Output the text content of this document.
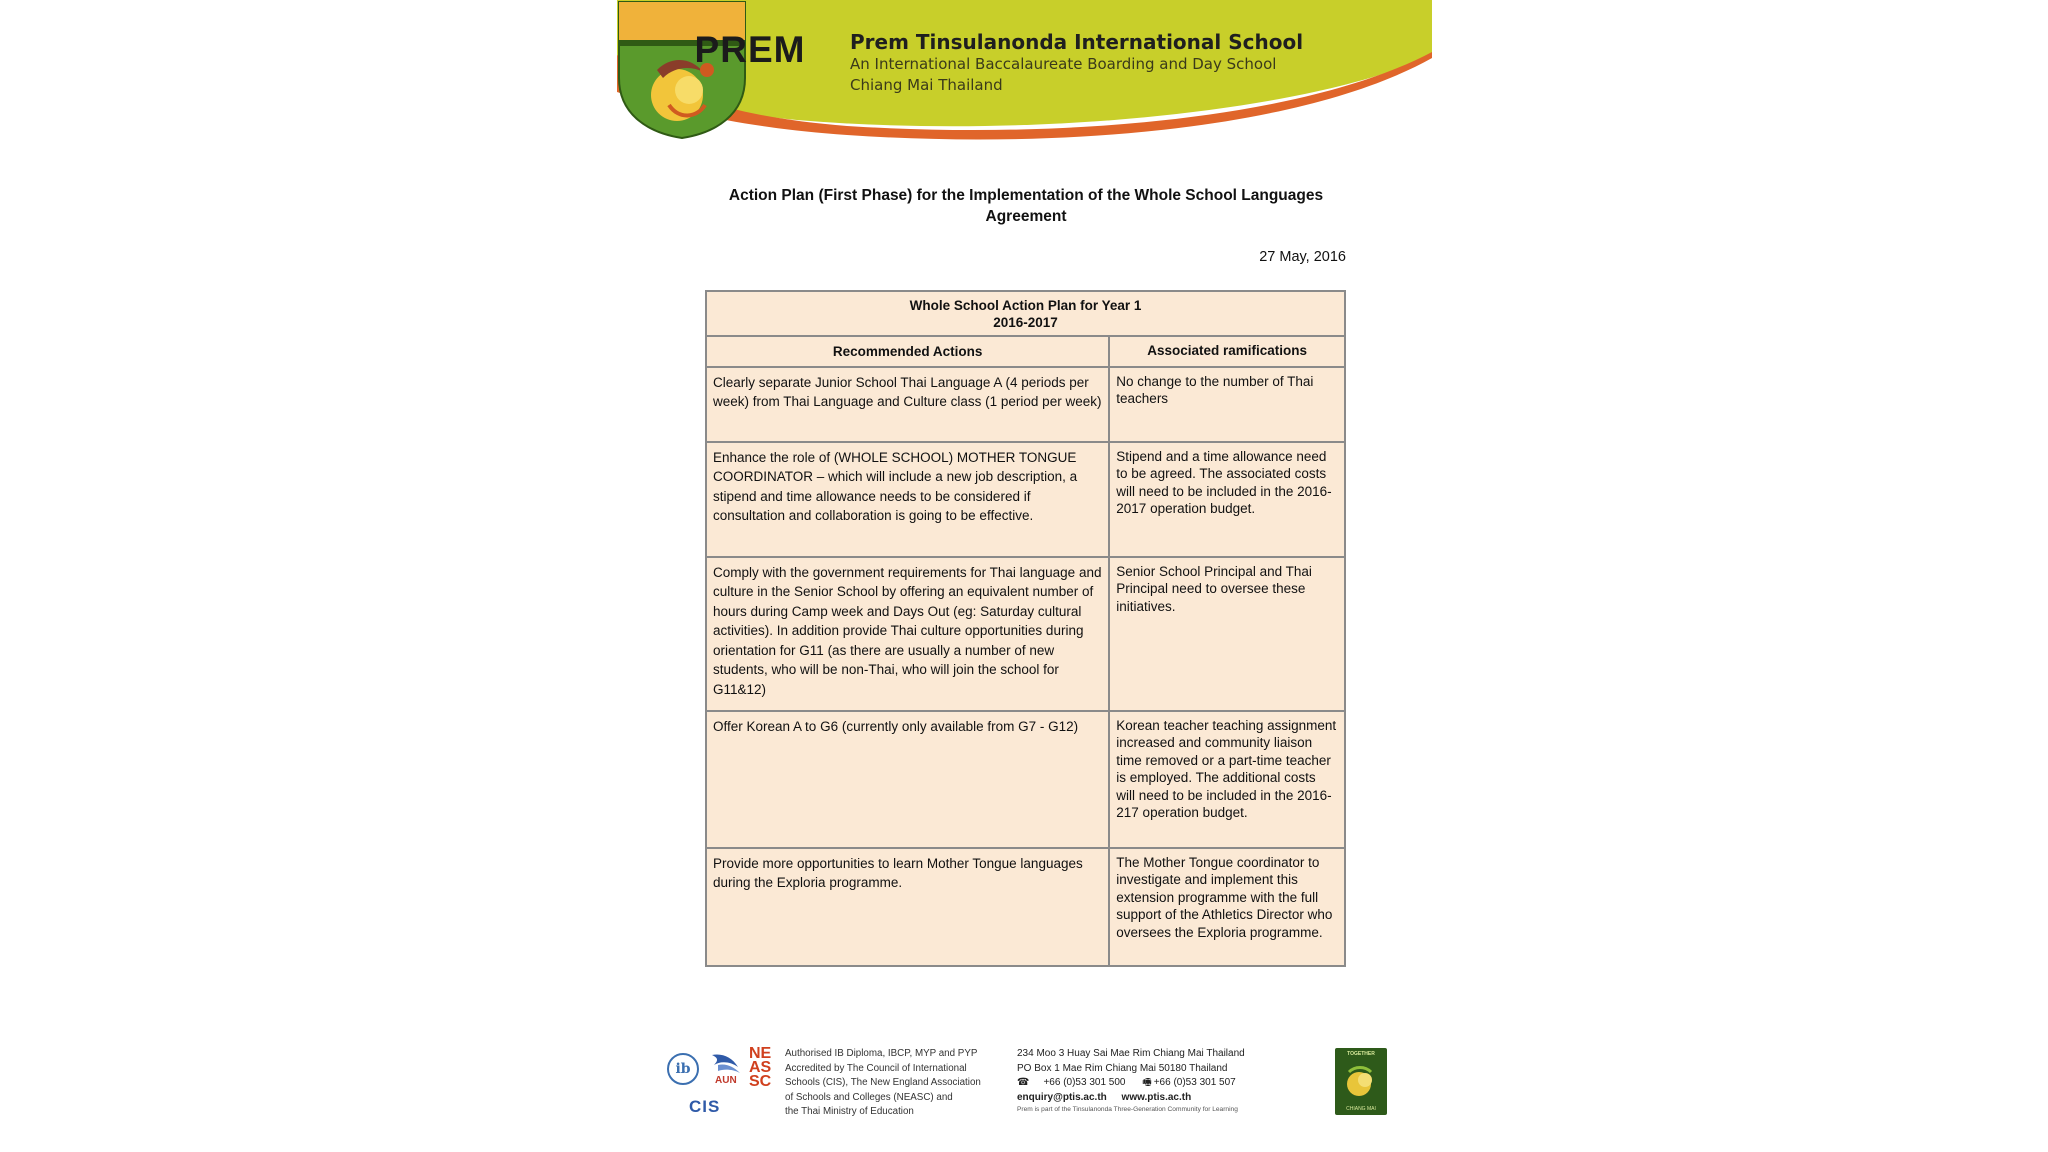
PREM	Prem Tinsulanonda International School

An International Baccalaureate Boarding and Day School

Chiang Mai Thailand

Action Plan (First Phase) for the Implementation of the Whole School Languages Agreement
27 May, 2016
Whole School Action Plan for Year 1
2016-2017	

Recommended Actions	Associated ramifications
Clearly separate Junior School Thai Language A (4 periods per week) from Thai Language and Culture class (1 period per week)	No change to the number of Thai teachers
Enhance the role of (WHOLE SCHOOL) MOTHER TONGUE COORDINATOR – which will include a new job description, a stipend and time allowance needs to be considered if consultation and collaboration is going to be effective.	Stipend and a time allowance need to be agreed. The associated costs will need to be included in the 2016-2017 operation budget.
Comply with the government requirements for Thai language and culture in the Senior School by offering an equivalent number of hours during Camp week and Days Out (eg: Saturday cultural activities). In addition provide Thai culture opportunities during orientation for G11 (as there are usually a number of new students, who will be non-Thai, who will join the school for G11&12)	Senior School Principal and Thai Principal need to oversee these initiatives.
Offer Korean A to G6 (currently only available from G7 - G12)	Korean teacher teaching assignment increased and community liaison time removed or a part-time teacher is employed. The additional costs will need to be included in the 2016-217 operation budget.
Provide more opportunities to learn Mother Tongue languages during the Exploria programme.	The Mother Tongue coordinator to investigate and implement this extension programme with the full support of the Athletics Director who oversees the Exploria programme.
ib
AUN
NE AS SC
CIS
Authorised IB Diploma, IBCP, MYP and PYP
Accredited by The Council of International
Schools (CIS), The New England Association
of Schools and Colleges (NEASC) and
the Thai Ministry of Education
234 Moo 3 Huay Sai Mae Rim Chiang Mai Thailand
PO Box 1 Mae Rim Chiang Mai 50180 Thailand
☎ +66 (0)53 301 500 🖷 +66 (0)53 301 507
enquiry@ptis.ac.th www.ptis.ac.th
Prem is part of the Tinsulanonda Three-Generation Community for Learning
TOGETHER
CHIANG MAI
